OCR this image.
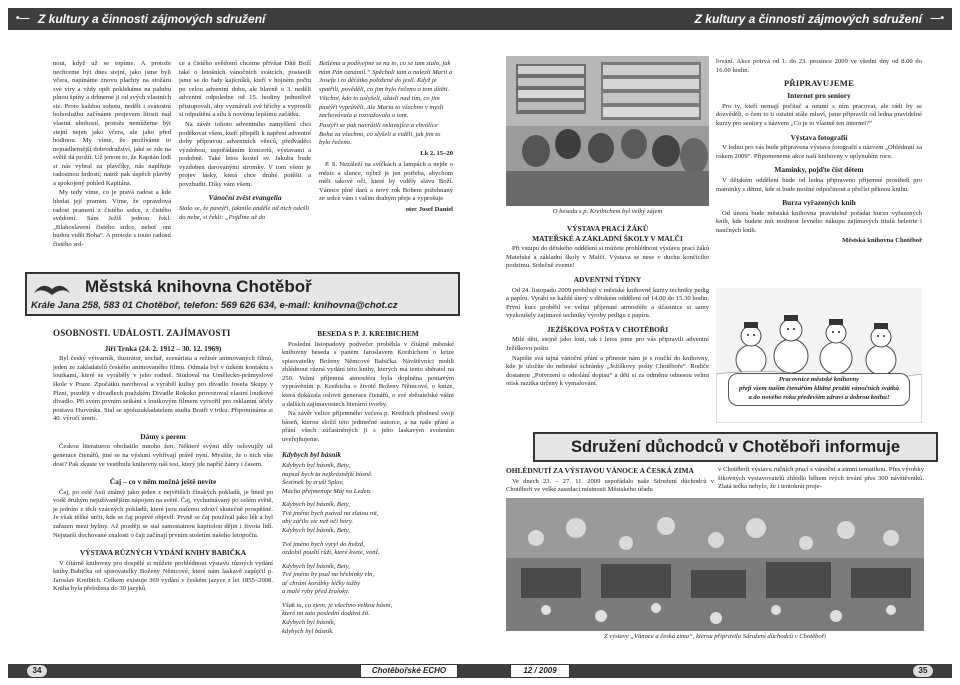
•— Z kultury a činnosti zájmových sdružení

nout, když už se topíme. A protože nechceme být dnes stejní, jako jsme byli včera, napínáme znovu plachty na stožáru své víry a vždy opět poklekáme na palubu plnou špíny a drhneme ji od svých vlastních siz. Proto každou sobotu, neděli i svátostní bohoslužbu začínáme projevem lítosti nad vlastní ubohostí, protože nemůžeme být stejní nejen jako včera, ale jako před hodinou. My víme, že prožíváme to nejnádhernější dobrodružství, jaké se zde na světě dá prožít. Už jenom to, že Kapitán lodi si nás vybral za plavčíky, nás naplňuje radostnou hrdostí; natož pak úspěch plavby a spokojený pohled Kapitána.

My tedy víme, co je pravá radost a kde hledat její pramen. Víme, že opravdová radost pramení z čistého srdce, z čistého svědomí. Sám Ježíš jednou řekl: „Blahoslavení čistého srdce, neboť oni budou vidět Boha“. A protože s touto radostí čistého srd-

ce a čistého svědomí chceme přivítat Dítě Boží také o letošních vánočních svátcích, postavili jsme se do řady kajícníků, kteří v hojném počtu po celou adventní dobu, ale hlavně o 3. neděli adventní odpoledne od 15. hodiny jednotlivě přistupovali, aby vyznávali své hříchy a vyprosili si odpuštění a sílu k novému lepšímu začátku.

Na závěr tohoto adventního zamyšlení chci poděkovat všem, kteří přispěli k napření adventní doby přípravou adventních věnců, předváděcí výzdobou, uspořádáním koncertů, výstavami a podobně. Také letos kostel sv. Jakuba bude vyzdoben darovanými stromky. V tom všem je projev lásky, která chce druhé potěšit a povzbudit. Díky vám všem.

Vánoční zvěst evangelia

Stalo se, že pastýři, jakmile andělé od nich odešli do nebe, si řekli: „Pojďme až do

Betléma a podívejme se na to, co se tam stalo, jak nám Pán oznámil.“ Spěchali tam a nalezli Marii a Josefa i to děťátko položené do jeslí. Když je spatřili, pověděli, co jim bylo řečeno o tom dítěti.

Všichni, kdo to uslyšeli, užasli nad tím, co jim pastýři vyprávěli. Ale Maria to všechno v mysli zachovávala a rozvažovala o tom.

Pastýři se pak navrátili oslavujíce a chválíce Boha za všechno, co slyšeli a viděli, jak jim to bylo řečeno.

Lk 2, 15–20

P. S. Nezáleží na svíčkách a lampách a nejde o měsíc a slunce, nýbrž je jen potřeba, abychom měli takové oči, které by viděly slávu Boží. Vánoce plné darů a nový rok Bohem požehnaný ze srdce vám i vašim drahým přeje a vyprošuje

otec Josef Daniel

Městská knihovna Chotěboř
Krále Jana 258, 583 01 Chotěboř, telefon: 569 626 634, e-mail: knihovna@chot.cz
OSOBNOSTI. UDÁLOSTI. ZAJÍMAVOSTI
Jiří Trnka (24. 2. 1912 – 30. 12. 1969)

Byl český výtvarník, ilustrátor, sochař, scenárista a režisér animovaných filmů, jeden ze zakladatelů českého animovaného filmu. Odmala byl v úzkém kontaktu s loutkami, které se vyráběly v jeho rodině. Studoval na Umělecko-průmyslové škole v Praze. Zpočátku navrhoval a vyráběl kulisy pro divadlo Josefa Skupy v Plzni, později v divadlech pražském Divadle Rokoko provozoval vlastní loutkové divadlo. Při svém prvním setkání s loutkovým filmem vytvořil pro reklamní účely postavu Hurvínka. Stal se spoluzakladatelem studia Bratři v triku. Připomínáme si 40. výročí úmrtí.

Dámy s perem

Českou literaturou obohatilo mnoho žen. Některé svými díly oslovujíly už generace čtenářů, jiné se na výsluní vyhřívají právě nyní. Myslíte, že o nich víte dost? Pak zkuste ve vestibulu knihovny náš test, který jde napříč žánry i časem.

Čaj – co v něm možná ještě nevíte

Čaj, po celé Asii známý jako jeden z největších čínských pokladů, je hned po vodě druhým nejužívanějším nápojem na světě. Čaj, vychutnávaný po celém světě, je jedním z těch vzácných pokladů, které jsou našemu zdraví skutečně prospěšné. Je však těžké určit, kde se čaj poprvé objevil. Prvně se čaj používal jako lék a byl zařazen mezi byliny. Až později se stal samostatnou kapitolou dějin i života lidí. Nejstarší dochované znalosti o čaji začínají prvním stoletím našeho letopočtu.

VÝSTAVA RŮZNÝCH VYDÁNÍ KNIHY BABIČKA

V čítárně knihovny pro dospělé si můžete prohlédnout výstavu různých vydání knihy Babička od spisovatelky Boženy Němcové, které nám laskavě zapůjčil p. Jaroslav Kreibich. Celkem existuje 369 vydání v českém jazyce z let 1855–2008. Kniha byla přeložena do 30 jazyků.

BESEDA S P. J. KREIBICHEM

Poslední listopadový podvečer proběhla v čítárně městské knihovny beseda s panem Jaroslavem Kreibichem o krize spisovatelky Boženy Němcové Babička. Návštěvníci mohli zhlédnout různá vydání této knihy, kterých má tento sběratel na 250. Velmi příjemná atmosféra byla doplněna poutavým vyprávěním p. Kreibicha o životě Boženy Němcové, o knize, která dokázala oslovit generace čtenářů, o své sběratelské vášni a dalších zajímavostech literární tvorby.

Na závěr velice příjemného večera p. Kreibich přednesl svoji báseň, kterou složil této jedinečné autorce, a na naše přání a přání všech zúčastněných ji s jeho laskavým svolením uveřejňujeme.

Kdybych byl básník
Kdybych byl básník, Bety,
napsal bych ta nejkrásnější básně.
Šesťmek by zruší Splav,
Mácha přejmenuje Máj na Leden.
Kdybych byl básník, Bety,
Tvé jméno bych psával na zlatou nit,
aby zářilo víc než oči hory.
Kdybych byl básník, Bety,
Tvé jméno bych vyryl do hvězd,
ozdobil pouští růží, které kvete, vonÍ.
Kdybych byl básník, Bety,
Tvé jméno by psal na hřebínky vln,
ať chrání korábky léčky tužby
a malé ryby před žraloky.
Však tu, co zjem, je všechno velkou básní,
které mi tato poslední dodává žít.
Kdybych byl básník,
kdybych byl básník.
34	Chotěbořské ECHO
Z kultury a činnosti zájmových sdružení —•
O besedu s p. Kreibichem byl velký zájem
VÝSTAVA PRACÍ ŽÁKŮ
MATEŘSKÉ A ZÁKLADNÍ ŠKOLY V MALČI

Při vstupu do dětského oddělení si můžete prohlédnout výstavu prací žáků Mateřské a základní školy v Malči. Výstava se nese v duchu končícího podzimu. Srdečně zveme!

ADVENTNÍ TÝDNY

Od 24. listopadu 2009 probíhají v městské knihovně kurzy techniky pedig a papíru. Vyrábí se každé úterý v dětském oddělení od 14.00 do 15.30 hodin. První kurz proběhl ve velmi příjemné atmosféře a účastnice si samy vyzkoušely zajímavé techniky výroby pedigu z papíru.

JEŽÍŠKOVA POŠTA V CHOTĚBOŘI

Milé děti, stejně jako loni, tak i letos jsme pro vás připravili adventní Ježíškovu poštu.

Napište svá tajná vánoční přání a přineste nám je s roučkí do knihovny, kde je uložíte do nebeské schránky „Ježíškovy pošty Chotěboře“. Rodiče dostanou „Potvrzení o odeslání dopisu“ a děti si za odměnu odnesou velmi otisk razítka určený k vymalování.

lování. Akce potrvá od 1. do 23. prosince 2009 ve všední dny od 8.00 do 16.00 hodin.

PŘIPRAVUJEME
Internet pro seniory

Pro ty, kteří nemají počítač a neumí s ním pracovat, ale rádi by se dozvěděli, o čem to ti ostatní stále mluví, jsme připravili od ledna pravidelné kurzy pro seniory s názvem „Co je to vlastně ten internet?“

Výstava fotografií

V lednu pro vás bude připravena výstava fotografií s názvem „Ohlédnutí za rokem 2009“. Připomeneme akce naší knihovny v uplynulém roce.

Maminky, pojďte číst dětem

V dětském oddělení bude od ledna připraveno příjemné prostředí pro maminky s dětmi, kde si bude možné odpočinout a přečíst pěknou knihu.

Burza vyřazených knih

Od února bude městská knihovna pravidelně pořádat burzu vyřazených knih, kde budete mít možnost levného nákupu zajímavých titulů beletrie i naučných knih.

Městská knihovna Chotěboř

Pracovnice městské knihovny
přejí všem našim čtenářům klidné prožití vánočních svátků
a do nového roku především zdraví a dobrou knihu!
Sdružení důchodců v Chotěboři informuje
OHLÉDNUTÍ ZA VÝSTAVOU VÁNOCE A ČESKÁ ZIMA

Ve dnech 23. – 27. 11. 2009 uspořádalo naše Sdružení důchodců v Chotěboři ve velké zasedací místnosti Městského úřadu

v Chotěboři výstavu ručních prací s vánoční a zimní tematikou. Přes výrobky šikovných vystavovatelů zhlédlo během tvých trvání přes 300 návštěvníků. Zlatá tečka nebylo, že i tentokrát proje-

Z výstavy „Vánoce a česká zima“, kterou připravilo Sdružení důchodců v Chotěboři
12 / 2009	35
